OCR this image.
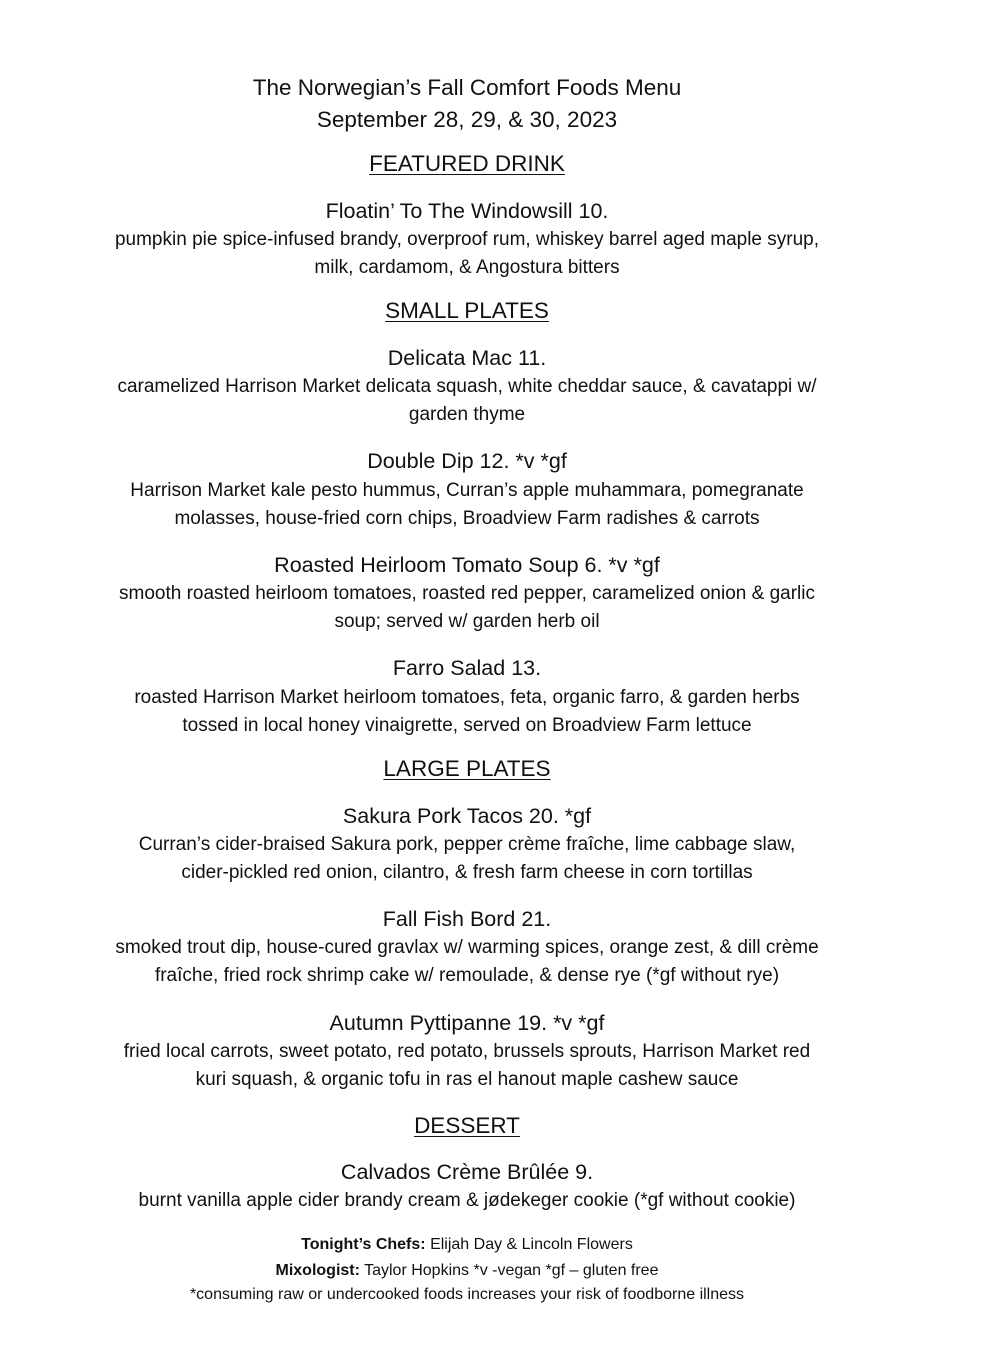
The Norwegian’s Fall Comfort Foods Menu
September 28, 29, & 30, 2023
FEATURED DRINK
Floatin’ To The Windowsill 10.
pumpkin pie spice-infused brandy, overproof rum, whiskey barrel aged maple syrup,
milk, cardamom, & Angostura bitters
SMALL PLATES
Delicata Mac 11.
caramelized Harrison Market delicata squash, white cheddar sauce, & cavatappi w/
garden thyme
Double Dip 12. *v *gf
Harrison Market kale pesto hummus, Curran’s apple muhammara, pomegranate
molasses, house-fried corn chips, Broadview Farm radishes & carrots
Roasted Heirloom Tomato Soup 6. *v *gf
smooth roasted heirloom tomatoes, roasted red pepper, caramelized onion & garlic
soup; served w/ garden herb oil
Farro Salad 13.
roasted Harrison Market heirloom tomatoes, feta, organic farro, & garden herbs
tossed in local honey vinaigrette, served on Broadview Farm lettuce
LARGE PLATES
Sakura Pork Tacos 20. *gf
Curran’s cider-braised Sakura pork, pepper crème fraîche, lime cabbage slaw,
cider-pickled red onion, cilantro, & fresh farm cheese in corn tortillas
Fall Fish Bord 21.
smoked trout dip, house-cured gravlax w/ warming spices, orange zest, & dill crème
fraîche, fried rock shrimp cake w/ remoulade, & dense rye (*gf without rye)
Autumn Pyttipanne 19. *v *gf
fried local carrots, sweet potato, red potato, brussels sprouts, Harrison Market red
kuri squash, & organic tofu in ras el hanout maple cashew sauce
DESSERT
Calvados Crème Brûlée 9.
burnt vanilla apple cider brandy cream & jødekeger cookie (*gf without cookie)
Tonight’s Chefs: Elijah Day & Lincoln Flowers
Mixologist: Taylor Hopkins *v -vegan *gf – gluten free
*consuming raw or undercooked foods increases your risk of foodborne illness
